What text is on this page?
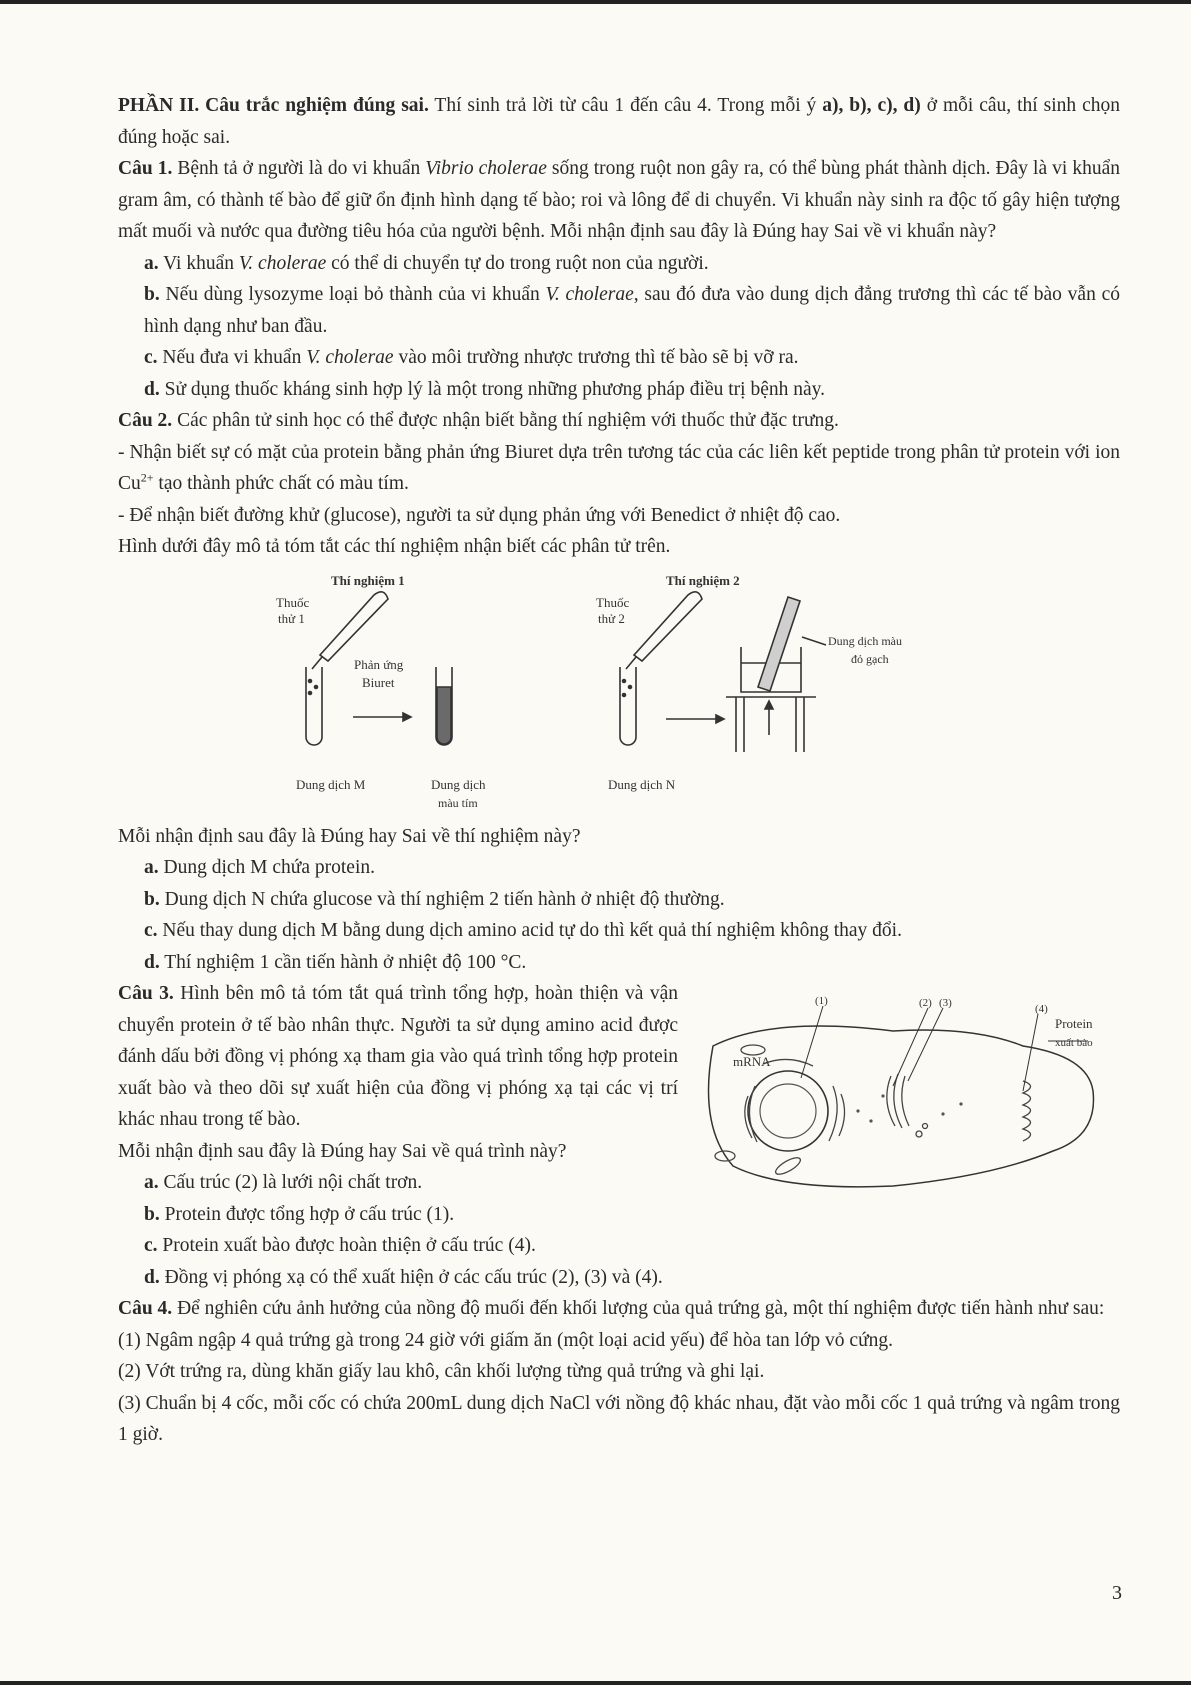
PHẦN II. Câu trắc nghiệm đúng sai. Thí sinh trả lời từ câu 1 đến câu 4. Trong mỗi ý a), b), c), d) ở mỗi câu, thí sinh chọn đúng hoặc sai.

Câu 1. Bệnh tả ở người là do vi khuẩn Vibrio cholerae sống trong ruột non gây ra, có thể bùng phát thành dịch. Đây là vi khuẩn gram âm, có thành tế bào để giữ ổn định hình dạng tế bào; roi và lông để di chuyển. Vi khuẩn này sinh ra độc tố gây hiện tượng mất muối và nước qua đường tiêu hóa của người bệnh. Mỗi nhận định sau đây là Đúng hay Sai về vi khuẩn này?

a. Vi khuẩn V. cholerae có thể di chuyển tự do trong ruột non của người.

b. Nếu dùng lysozyme loại bỏ thành của vi khuẩn V. cholerae, sau đó đưa vào dung dịch đẳng trương thì các tế bào vẫn có hình dạng như ban đầu.

c. Nếu đưa vi khuẩn V. cholerae vào môi trường nhược trương thì tế bào sẽ bị vỡ ra.

d. Sử dụng thuốc kháng sinh hợp lý là một trong những phương pháp điều trị bệnh này.

Câu 2. Các phân tử sinh học có thể được nhận biết bằng thí nghiệm với thuốc thử đặc trưng.

- Nhận biết sự có mặt của protein bằng phản ứng Biuret dựa trên tương tác của các liên kết peptide trong phân tử protein với ion $Cu^{2+}$ tạo thành phức chất có màu tím.

- Để nhận biết đường khử (glucose), người ta sử dụng phản ứng với Benedict ở nhiệt độ cao.

Hình dưới đây mô tả tóm tắt các thí nghiệm nhận biết các phân tử trên.

Thí nghiệm 1	Thí nghiệm 2
Thuốc
thử 1
Phản ứng
Biuret
Dung dịch M	Dung dịch
màu tím
Thuốc
thử 2
Dung dịch màu
đỏ gạch
Dung dịch N

Mỗi nhận định sau đây là Đúng hay Sai về thí nghiệm này?

a. Dung dịch M chứa protein.

b. Dung dịch N chứa glucose và thí nghiệm 2 tiến hành ở nhiệt độ thường.

c. Nếu thay dung dịch M bằng dung dịch amino acid tự do thì kết quả thí nghiệm không thay đổi.

d. Thí nghiệm 1 cần tiến hành ở nhiệt độ 100 °C.

Câu 3. Hình bên mô tả tóm tắt quá trình tổng hợp, hoàn thiện và vận chuyển protein ở tế bào nhân thực. Người ta sử dụng amino acid được đánh dấu bởi đồng vị phóng xạ tham gia vào quá trình tổng hợp protein xuất bào và theo dõi sự xuất hiện của đồng vị phóng xạ tại các vị trí khác nhau trong tế bào.

Mỗi nhận định sau đây là Đúng hay Sai về quá trình này?

(1)	(2) (3)	(4)
mRNA
Protein
xuất bào

a. Cấu trúc (2) là lưới nội chất trơn.

b. Protein được tổng hợp ở cấu trúc (1).

c. Protein xuất bào được hoàn thiện ở cấu trúc (4).

d. Đồng vị phóng xạ có thể xuất hiện ở các cấu trúc (2), (3) và (4).

Câu 4. Để nghiên cứu ảnh hưởng của nồng độ muối đến khối lượng của quả trứng gà, một thí nghiệm được tiến hành như sau:

(1) Ngâm ngập 4 quả trứng gà trong 24 giờ với giấm ăn (một loại acid yếu) để hòa tan lớp vỏ cứng.

(2) Vớt trứng ra, dùng khăn giấy lau khô, cân khối lượng từng quả trứng và ghi lại.

(3) Chuẩn bị 4 cốc, mỗi cốc có chứa 200mL dung dịch NaCl với nồng độ khác nhau, đặt vào mỗi cốc 1 quả trứng và ngâm trong 1 giờ.

3
